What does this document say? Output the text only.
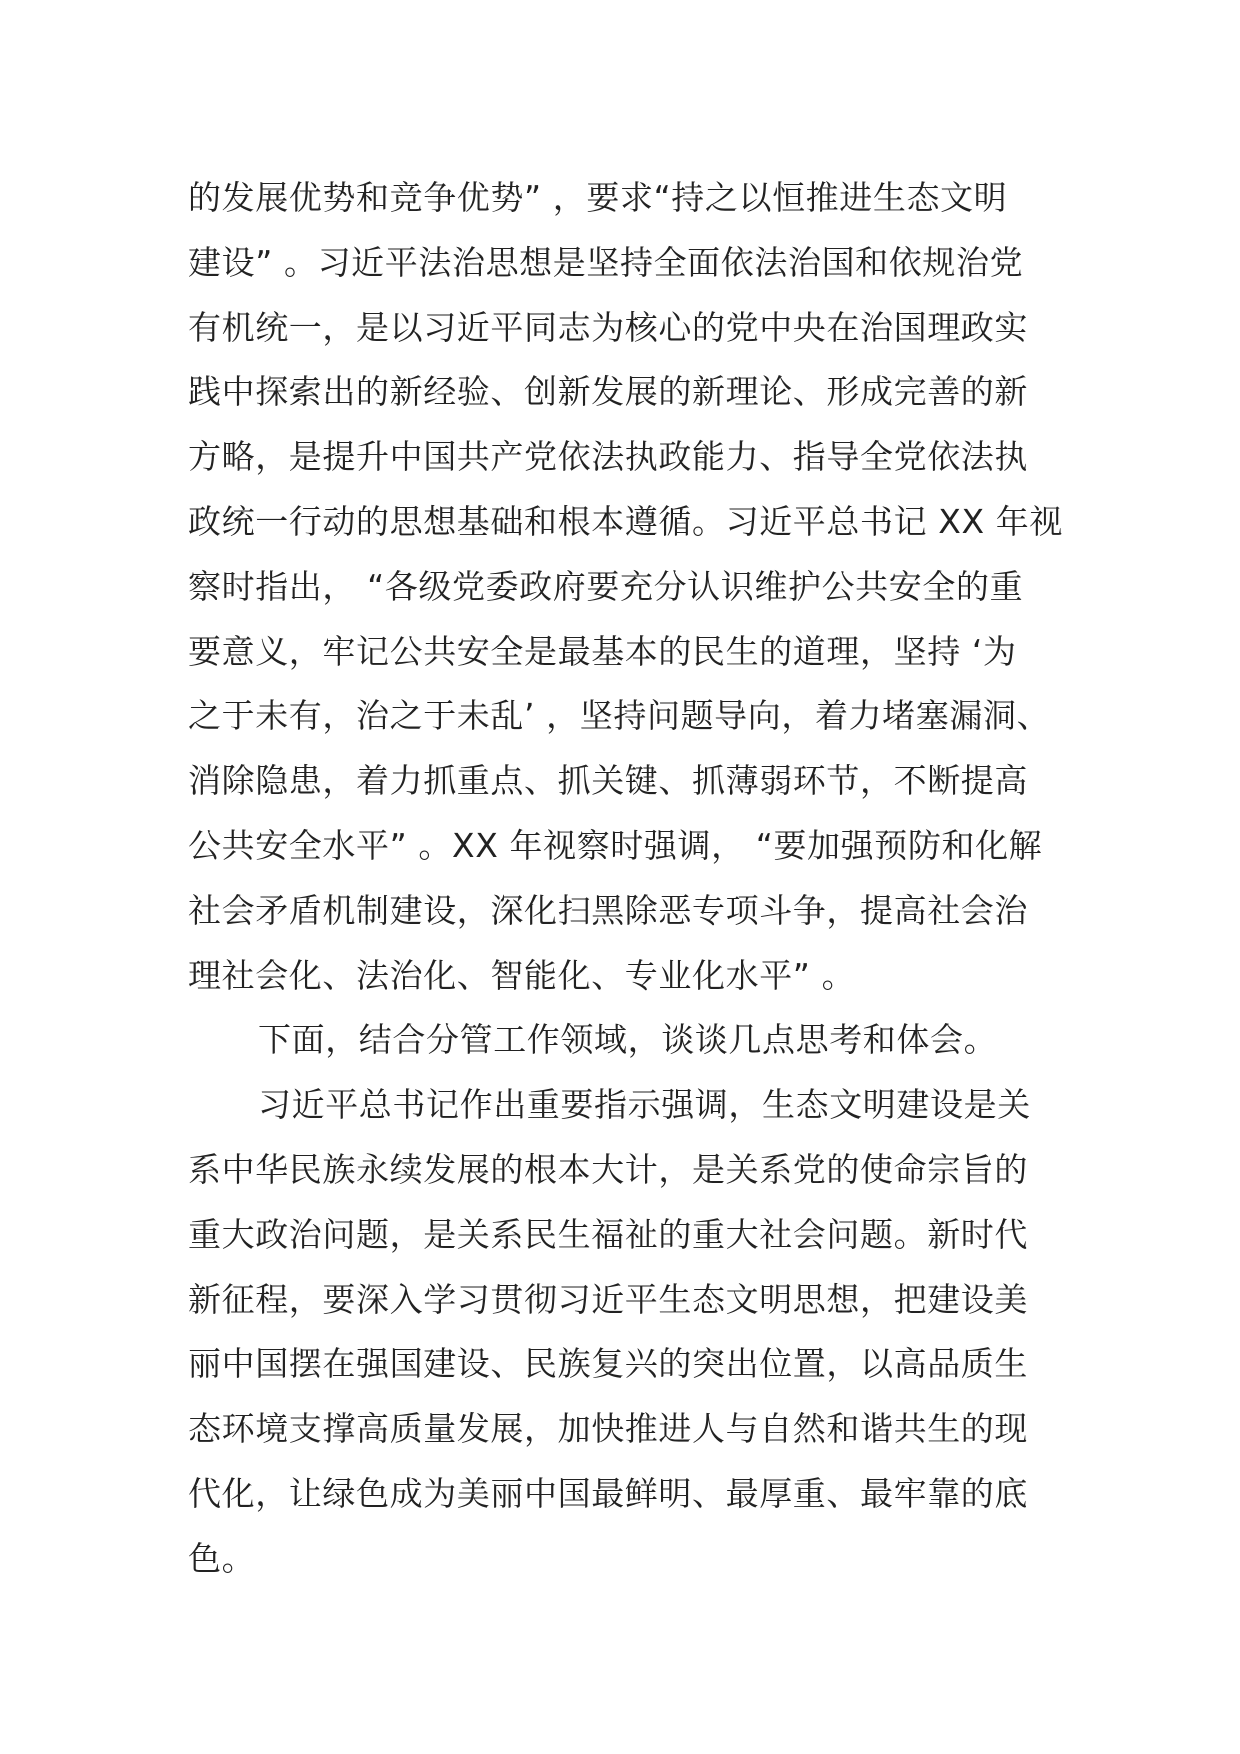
的发展优势和竞争优势” ，要求“持之以恒推进生态文明
建设” 。习近平法治思想是坚持全面依法治国和依规治党
有机统一，是以习近平同志为核心的党中央在治国理政实
践中探索出的新经验、创新发展的新理论、形成完善的新
方略，是提升中国共产党依法执政能力、指导全党依法执
政统一行动的思想基础和根本遵循。习近平总书记 XX 年视
察时指出， “各级党委政府要充分认识维护公共安全的重
要意义，牢记公共安全是最基本的民生的道理，坚持 ‘为
之于未有，治之于未乱’ ，坚持问题导向，着力堵塞漏洞、
消除隐患，着力抓重点、抓关键、抓薄弱环节，不断提高
公共安全水平” 。XX 年视察时强调， “要加强预防和化解
社会矛盾机制建设，深化扫黑除恶专项斗争，提高社会治
理社会化、法治化、智能化、专业化水平” 。
下面，结合分管工作领域，谈谈几点思考和体会。
习近平总书记作出重要指示强调，生态文明建设是关
系中华民族永续发展的根本大计，是关系党的使命宗旨的
重大政治问题，是关系民生福祉的重大社会问题。新时代
新征程，要深入学习贯彻习近平生态文明思想，把建设美
丽中国摆在强国建设、民族复兴的突出位置，以高品质生
态环境支撑高质量发展，加快推进人与自然和谐共生的现
代化，让绿色成为美丽中国最鲜明、最厚重、最牢靠的底
色。
